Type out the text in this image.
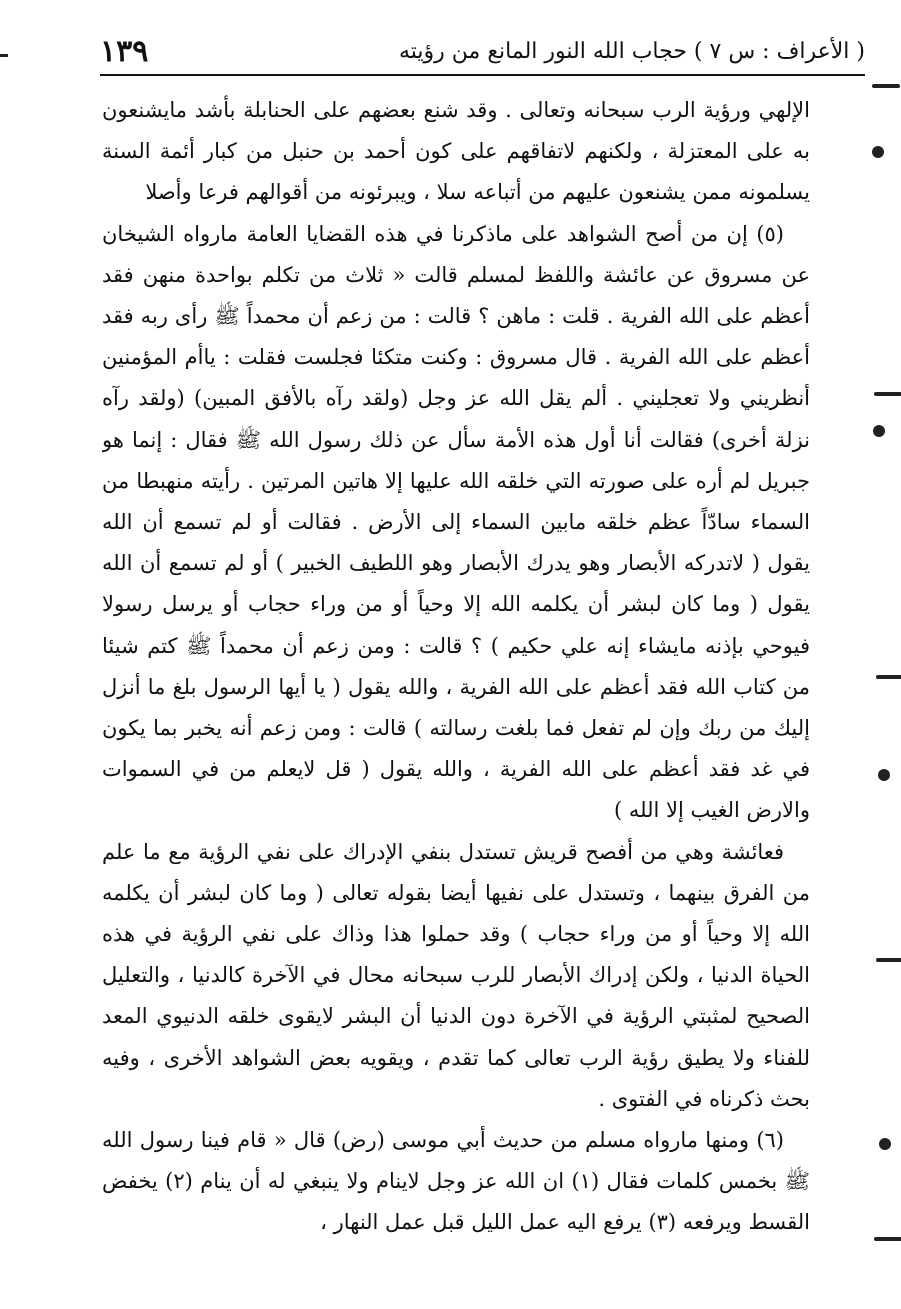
( الأعراف : س ٧ ) حجاب الله النور المانع من رؤيته
١٣٩

الإلهي ورؤية الرب سبحانه وتعالى . وقد شنع بعضهم على الحنابلة بأشد مايشنعون به على المعتزلة ، ولكنهم لاتفاقهم على كون أحمد بن حنبل من كبار أئمة السنة يسلمونه ممن يشنعون عليهم من أتباعه سلا ، ويبرئونه من أقوالهم فرعا وأصلا

(٥) إن من أصح الشواهد على ماذكرنا في هذه القضايا العامة مارواه الشيخان عن مسروق عن عائشة واللفظ لمسلم قالت « ثلاث من تكلم بواحدة منهن فقد أعظم على الله الفرية . قلت : ماهن ؟ قالت : من زعم أن محمداً ﷺ رأى ربه فقد أعظم على الله الفرية . قال مسروق : وكنت متكئا فجلست فقلت : ياأم المؤمنين أنظريني ولا تعجليني . ألم يقل الله عز وجل (ولقد رآه بالأفق المبين) (ولقد رآه نزلة أخرى) فقالت أنا أول هذه الأمة سأل عن ذلك رسول الله ﷺ فقال : إنما هو جبريل لم أره على صورته التي خلقه الله عليها إلا هاتين المرتين . رأيته منهبطا من السماء سادّاً عظم خلقه مابين السماء إلى الأرض . فقالت أو لم تسمع أن الله يقول ( لاتدركه الأبصار وهو يدرك الأبصار وهو اللطيف الخبير ) أو لم تسمع أن الله يقول ( وما كان لبشر أن يكلمه الله إلا وحياً أو من وراء حجاب أو يرسل رسولا فيوحي بإذنه مايشاء إنه علي حكيم ) ؟ قالت : ومن زعم أن محمداً ﷺ كتم شيئا من كتاب الله فقد أعظم على الله الفرية ، والله يقول ( يا أيها الرسول بلغ ما أنزل إليك من ربك وإن لم تفعل فما بلغت رسالته ) قالت : ومن زعم أنه يخبر بما يكون في غد فقد أعظم على الله الفرية ، والله يقول ( قل لايعلم من في السموات والارض الغيب إلا الله )

فعائشة وهي من أفصح قريش تستدل بنفي الإدراك على نفي الرؤية مع ما علم من الفرق بينهما ، وتستدل على نفيها أيضا بقوله تعالى ( وما كان لبشر أن يكلمه الله إلا وحياً أو من وراء حجاب ) وقد حملوا هذا وذاك على نفي الرؤية في هذه الحياة الدنيا ، ولكن إدراك الأبصار للرب سبحانه محال في الآخرة كالدنيا ، والتعليل الصحيح لمثبتي الرؤية في الآخرة دون الدنيا أن البشر لايقوى خلقه الدنيوي المعد للفناء ولا يطيق رؤية الرب تعالى كما تقدم ، ويقويه بعض الشواهد الأخرى ، وفيه بحث ذكرناه في الفتوى .

(٦) ومنها مارواه مسلم من حديث أبي موسى (رض) قال « قام فينا رسول الله ﷺ بخمس كلمات فقال (١) ان الله عز وجل لاينام ولا ينبغي له أن ينام (٢) يخفض القسط ويرفعه (٣) يرفع اليه عمل الليل قبل عمل النهار ،
